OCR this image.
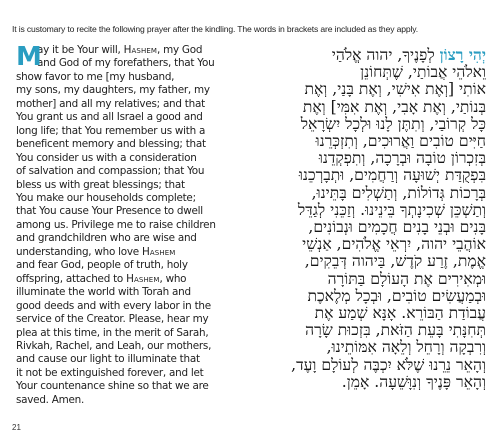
It is customary to recite the following prayer after the kindling. The words in brackets are included as they apply.
M
ay it be Your will, Hashem, my God
and God of my forefathers, that You
show favor to me [my husband,
my sons, my daughters, my father, my
mother] and all my relatives; and that
You grant us and all Israel a good and
long life; that You remember us with a
beneficent memory and blessing; that
You consider us with a consideration
of salvation and compassion; that You
bless us with great blessings; that
You make our households complete;
that You cause Your Presence to dwell
among us. Privilege me to raise children
and grandchildren who are wise and
understanding, who love Hashem
and fear God, people of truth, holy
offspring, attached to Hashem, who
illuminate the world with Torah and
good deeds and with every labor in the
service of the Creator. Please, hear my
plea at this time, in the merit of Sarah,
Rivkah, Rachel, and Leah, our mothers,
and cause our light to illuminate that
it not be extinguished forever, and let
Your countenance shine so that we are
saved. Amen.
יְהִי רָצוֹן לְפָנֶיךָ, יהוה אֱלֹהַי
וֵאלֹהֵי אֲבוֹתַי, שֶׁתְּחוֹנֵן
אוֹתִי [וְאֶת אִישִׁי, וְאֶת בָּנַי, וְאֶת
בְּנוֹתַי, וְאֶת אָבִי, וְאֶת אִמִּי] וְאֶת
כָּל קְרוֹבַי, וְתִתֶּן לָנוּ וּלְכָל יִשְׂרָאֵל
חַיִּים טוֹבִים וַאֲרוּכִים, וְתִזְכְּרֵנוּ
בְּזִכְרוֹן טוֹבָה וּבְרָכָה, וְתִפְקְדֵנוּ
בִּפְקֻדַּת יְשׁוּעָה וְרַחֲמִים, וּתְבָרְכֵנוּ
בְּרָכוֹת גְּדוֹלוֹת, וְתַשְׁלִים בָּתֵּינוּ,
וְתַשְׁכֵּן שְׁכִינָתְךָ בֵּינֵינוּ. וְזַכֵּנִי לְגַדֵּל
בָּנִים וּבְנֵי בָנִים חֲכָמִים וּנְבוֹנִים,
אוֹהֲבֵי יהוה, יִרְאֵי אֱלֹהִים, אַנְשֵׁי
אֱמֶת, זֶרַע קֹדֶשׁ, בַּיהוה דְּבֵקִים,
וּמְאִירִים אֶת הָעוֹלָם בַּתּוֹרָה
וּבְמַעֲשִׂים טוֹבִים, וּבְכָל מְלֶאכֶת
עֲבוֹדַת הַבּוֹרֵא. אָנָּא שְׁמַע אֶת
תְּחִנָּתִי בָּעֵת הַזֹּאת, בִּזְכוּת שָׂרָה
וְרִבְקָה וְרָחֵל וְלֵאָה אִמּוֹתֵינוּ,
וְהָאֵר נֵרֵנוּ שֶׁלֹּא יִכְבֶּה לְעוֹלָם וָעֶד,
וְהָאֵר פָּנֶיךָ וְנִוָּשֵׁעָה. אָמֵן.
21
